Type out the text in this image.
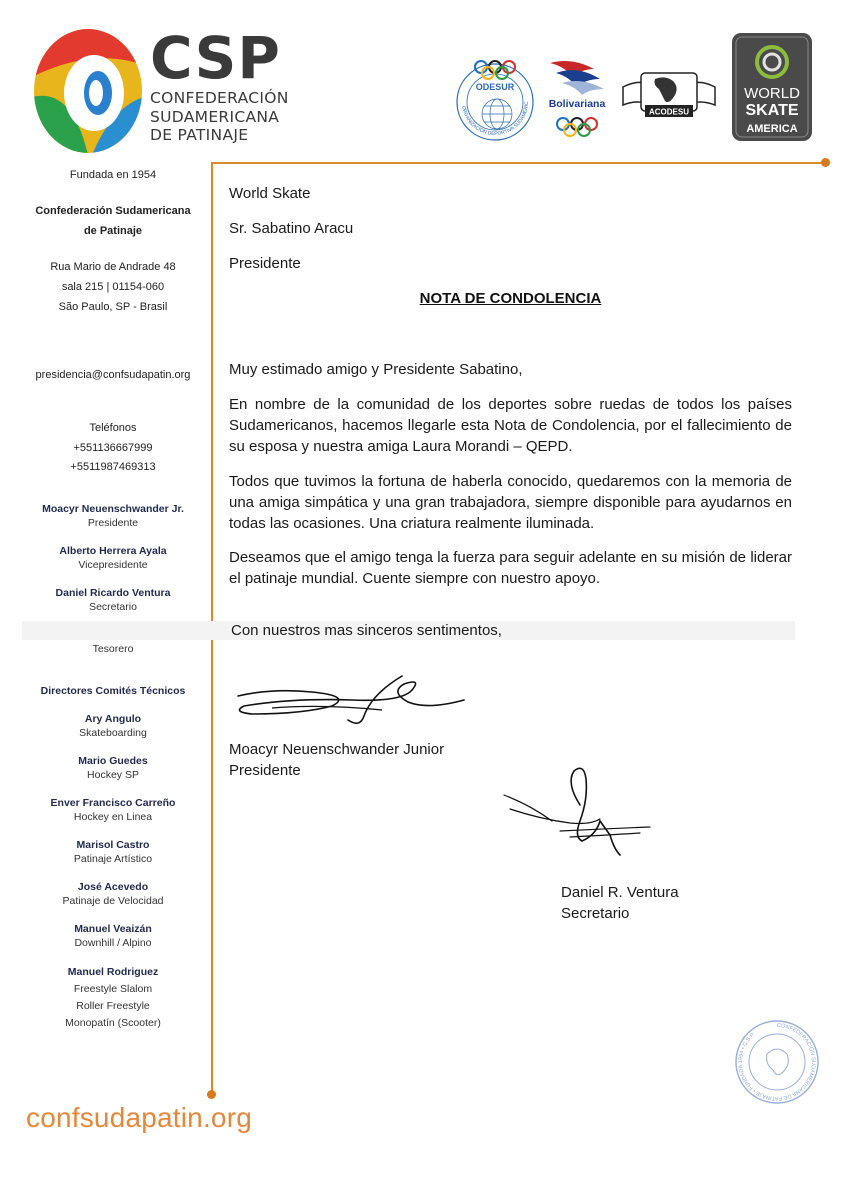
CSP
CONFEDERACIÓN
SUDAMERICANA
DE PATINAJE
ODESUR
ORGANIZACIÓN DEPORTIVA SUDAMERIC Bolivariana
ACODESU
WORLD
SKATE
AMERICA
Fundada en 1954
Confederación Sudamericana
de Patinaje
Rua Mario de Andrade 48
sala 215 | 01154-060
São Paulo, SP - Brasil
presidencia@confsudapatin.org
Teléfonos
+551136667999
+5511987469313
Moacyr Neuenschwander Jr.
Presidente
Alberto Herrera Ayala
Vicepresidente
Daniel Ricardo Ventura
Secretario
Tesorero
Directores Comités Técnicos
Ary Angulo
Skateboarding
Mario Guedes
Hockey SP
Enver Francisco Carreño
Hockey en Linea
Marisol Castro
Patinaje Artístico
José Acevedo
Patinaje de Velocidad
Manuel Veaizán
Downhill / Alpino
Manuel Rodriguez
Freestyle Slalom
Roller Freestyle
Monopatín (Scooter)
World Skate
Sr. Sabatino Aracu
Presidente
NOTA DE CONDOLENCIA
Muy estimado amigo y Presidente Sabatino,
En nombre de la comunidad de los deportes sobre ruedas de todos los países Sudamericanos, hacemos llegarle esta Nota de Condolencia, por el fallecimiento de su esposa y nuestra amiga Laura Morandi – QEPD.
Todos que tuvimos la fortuna de haberla conocido, quedaremos con la memoria de una amiga simpática y una gran trabajadora, siempre disponible para ayudarnos en todas las ocasiones. Una criatura realmente iluminada.
Deseamos que el amigo tenga la fuerza para seguir adelante en su misión de liderar el patinaje mundial. Cuente siempre con nuestro apoyo.
Con nuestros mas sinceros sentimentos,
Moacyr Neuenschwander Junior
Presidente
Daniel R. Ventura
Secretario
CONFEDERACIÓN SUDAMERICANA DE PATINAJE • FUNDADA 1954 • C.S.P.
confsudapatin.org
